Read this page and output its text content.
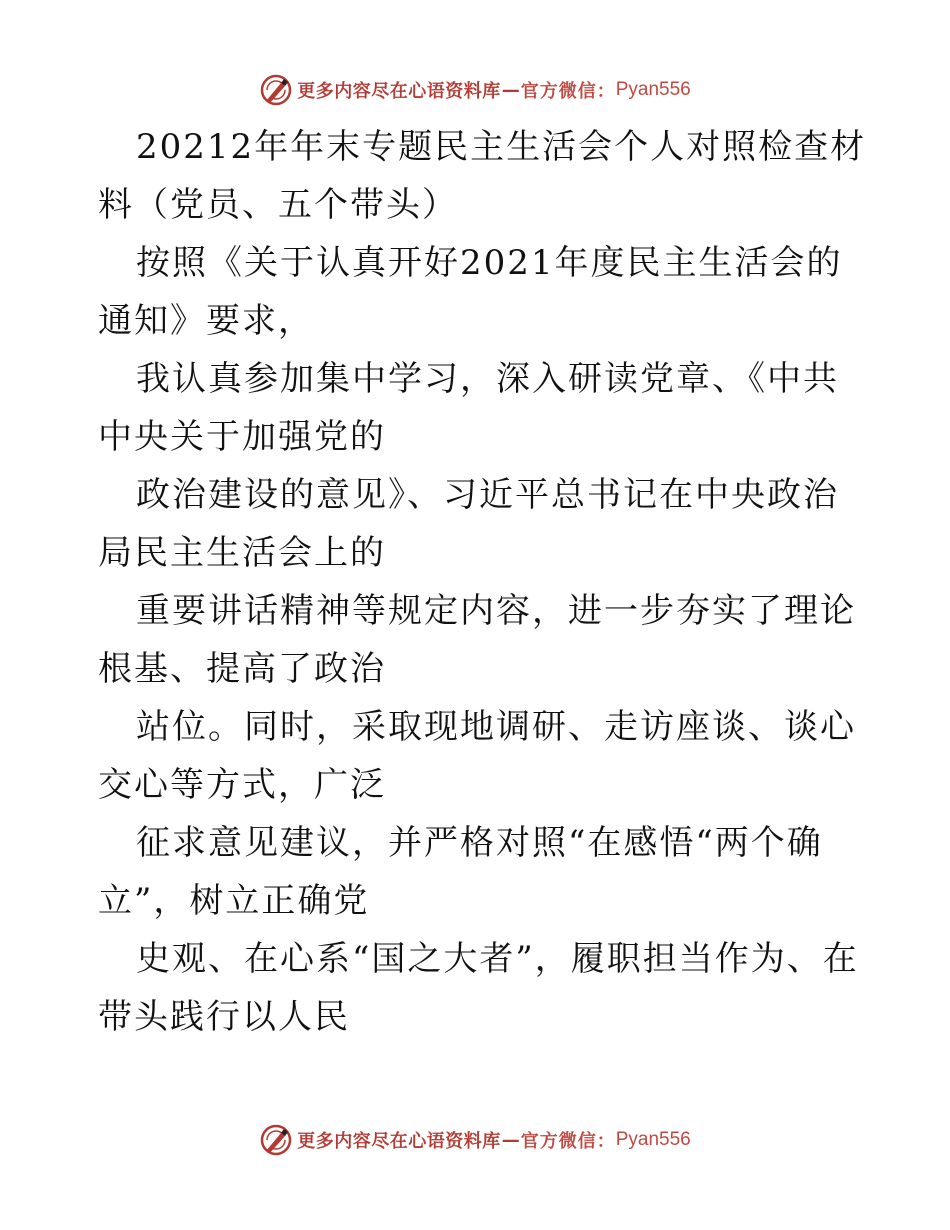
更多内容尽在心语资料库 — 官方微信： Pyan556

20212年年末专题民主生活会个人对照检查材料（党员、五个带头）

按照《关于认真开好2021年度民主生活会的通知》要求，

我认真参加集中学习，深入研读党章、《中共中央关于加强党的

政治建设的意见》、习近平总书记在中央政治局民主生活会上的

重要讲话精神等规定内容，进一步夯实了理论根基、提高了政治

站位。同时，采取现地调研、走访座谈、谈心交心等方式，广泛

征求意见建议，并严格对照“在感悟“两个确立”，树立正确党

史观、在心系“国之大者”，履职担当作为、在带头践行以人民

更多内容尽在心语资料库 — 官方微信： Pyan556
